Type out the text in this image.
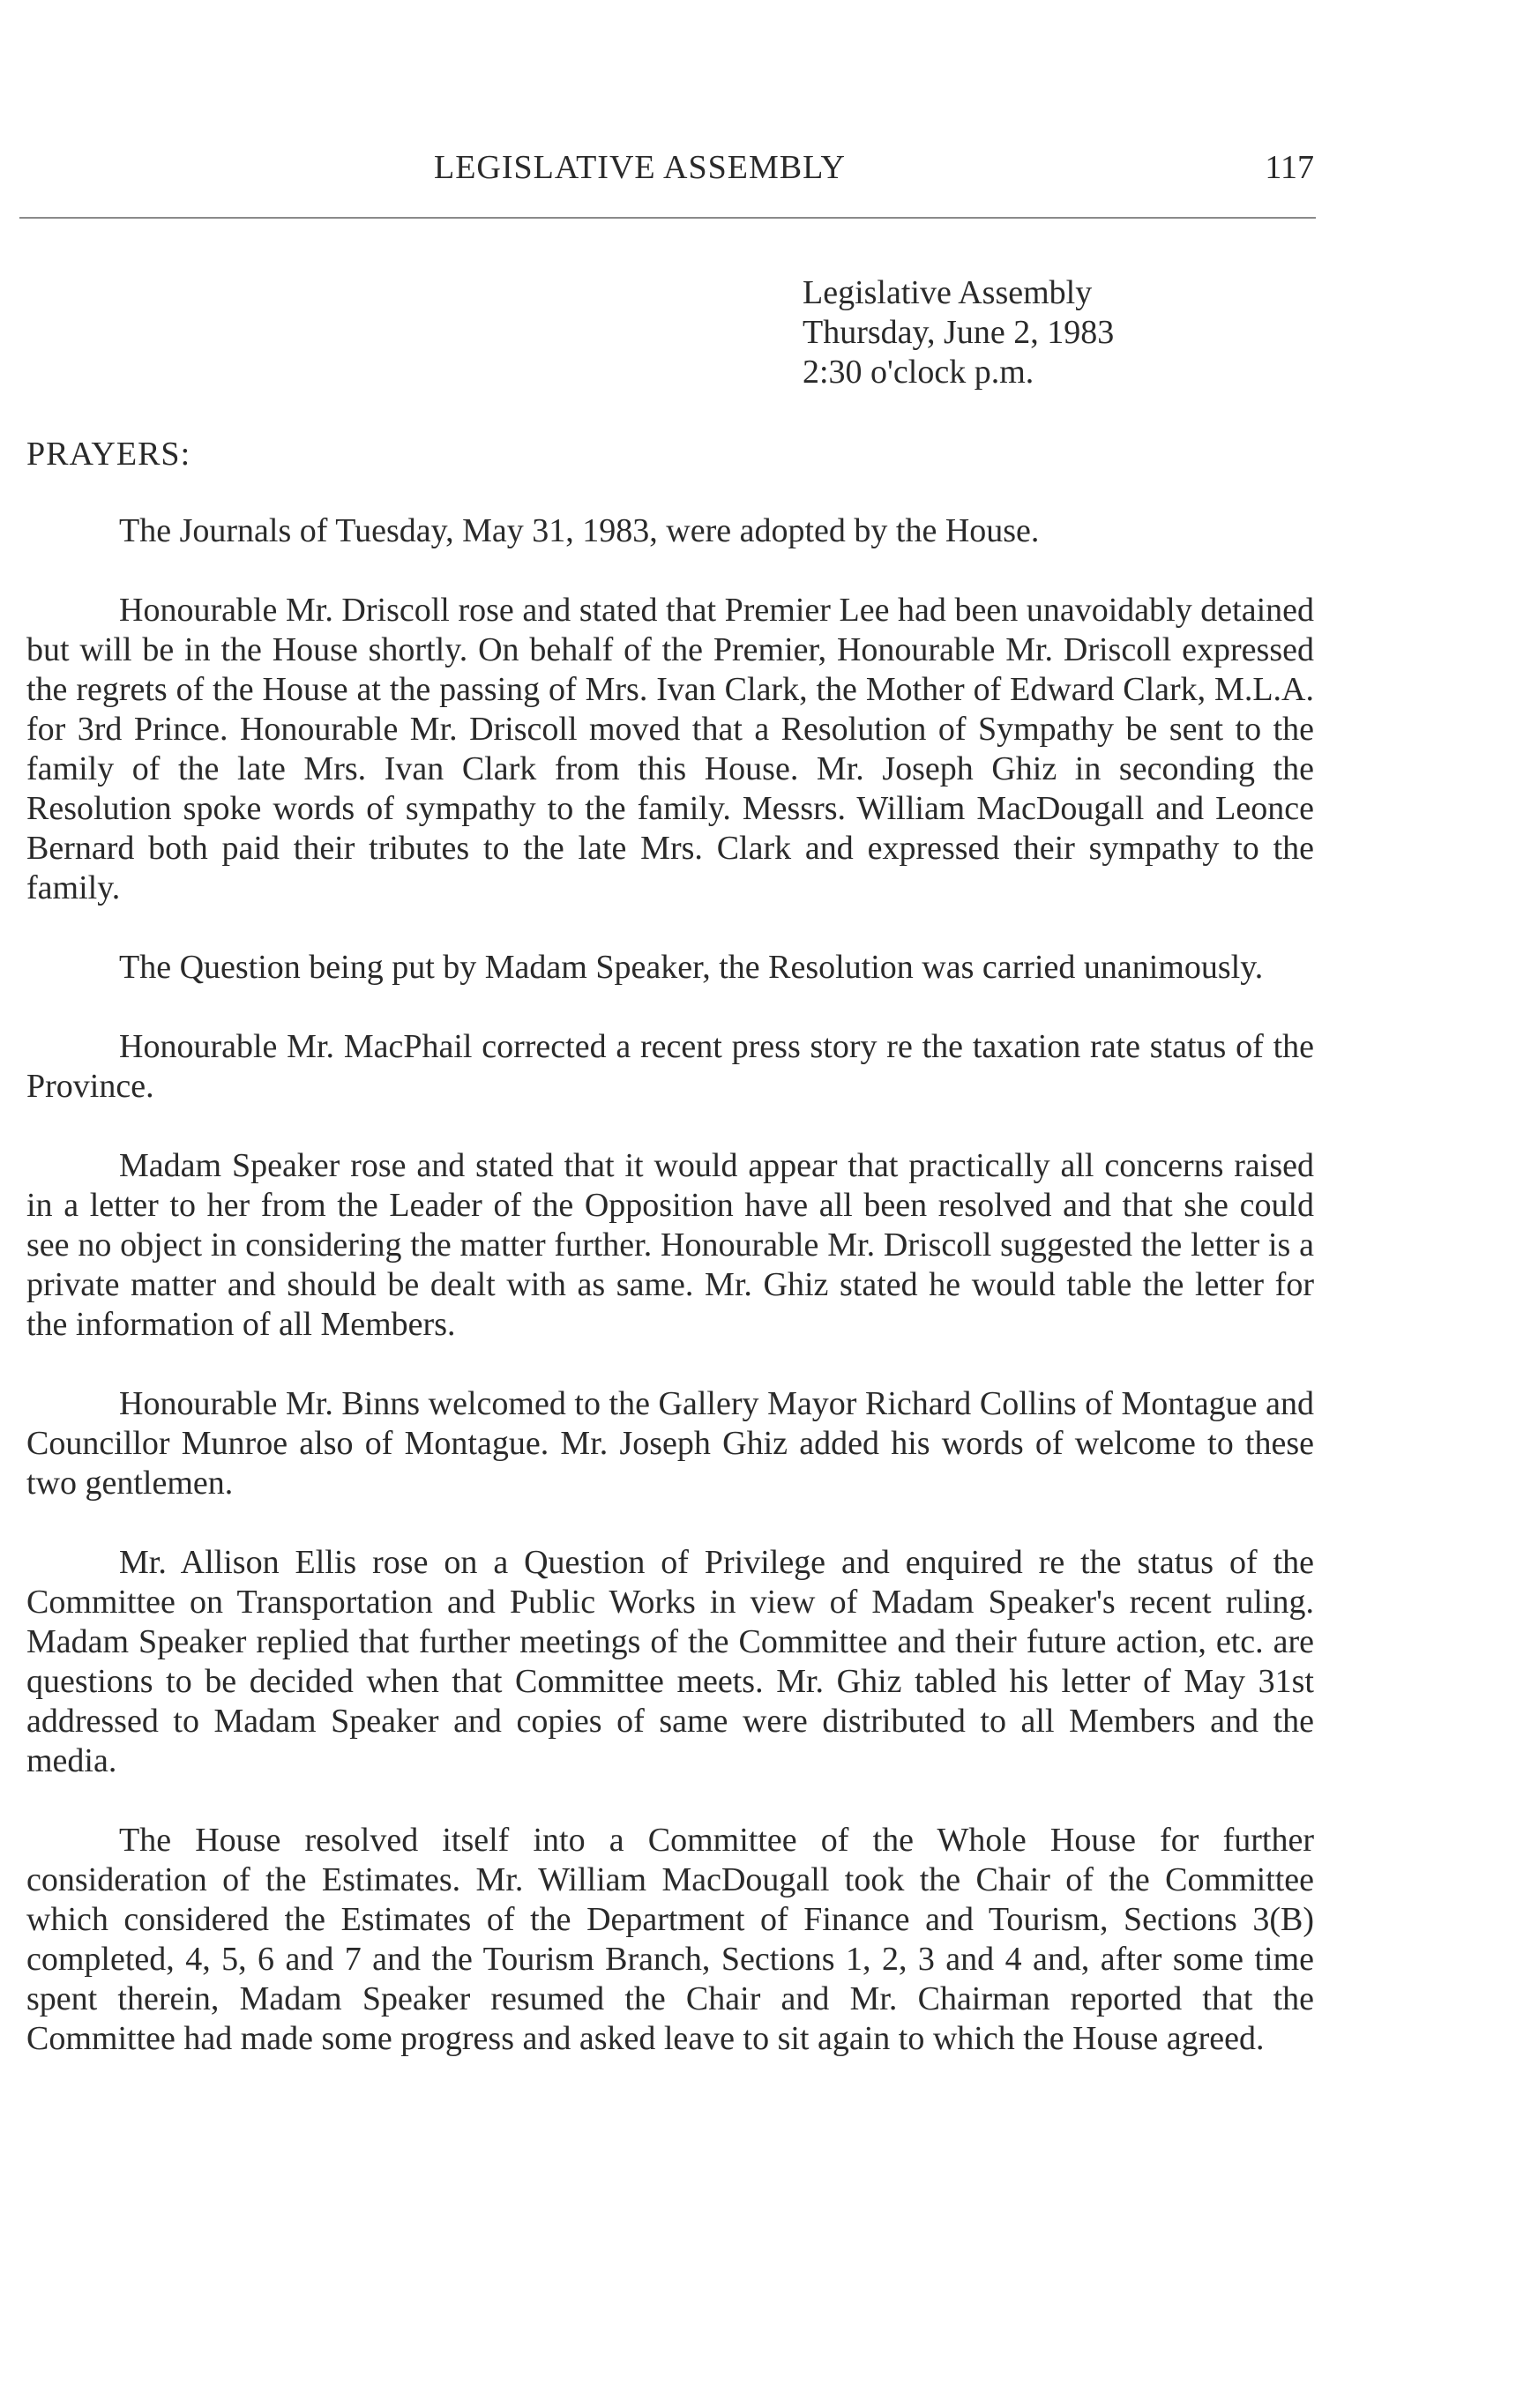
LEGISLATIVE ASSEMBLY	117
Legislative Assembly
Thursday, June 2, 1983
2:30 o'clock p.m.
PRAYERS:

The Journals of Tuesday, May 31, 1983, were adopted by the House.

Honourable Mr. Driscoll rose and stated that Premier Lee had been unavoidably detained but will be in the House shortly. On behalf of the Premier, Honourable Mr. Driscoll expressed the regrets of the House at the passing of Mrs. Ivan Clark, the Mother of Edward Clark, M.L.A. for 3rd Prince. Honourable Mr. Driscoll moved that a Resolution of Sympathy be sent to the family of the late Mrs. Ivan Clark from this House. Mr. Joseph Ghiz in seconding the Resolution spoke words of sympathy to the family. Messrs. William MacDougall and Leonce Bernard both paid their tributes to the late Mrs. Clark and expressed their sympathy to the family.

The Question being put by Madam Speaker, the Resolution was carried unanimously.

Honourable Mr. MacPhail corrected a recent press story re the taxation rate status of the Province.

Madam Speaker rose and stated that it would appear that practically all concerns raised in a letter to her from the Leader of the Opposition have all been resolved and that she could see no object in considering the matter further. Honourable Mr. Driscoll suggested the letter is a private matter and should be dealt with as same. Mr. Ghiz stated he would table the letter for the information of all Members.

Honourable Mr. Binns welcomed to the Gallery Mayor Richard Collins of Montague and Councillor Munroe also of Montague. Mr. Joseph Ghiz added his words of welcome to these two gentlemen.

Mr. Allison Ellis rose on a Question of Privilege and enquired re the status of the Committee on Transportation and Public Works in view of Madam Speaker's recent ruling. Madam Speaker replied that further meetings of the Committee and their future action, etc. are questions to be decided when that Committee meets. Mr. Ghiz tabled his letter of May 31st addressed to Madam Speaker and copies of same were distributed to all Members and the media.

The House resolved itself into a Committee of the Whole House for further consideration of the Estimates. Mr. William MacDougall took the Chair of the Committee which considered the Estimates of the Department of Finance and Tourism, Sections 3(B) completed, 4, 5, 6 and 7 and the Tourism Branch, Sections 1, 2, 3 and 4 and, after some time spent therein, Madam Speaker resumed the Chair and Mr. Chairman reported that the Committee had made some progress and asked leave to sit again to which the House agreed.
